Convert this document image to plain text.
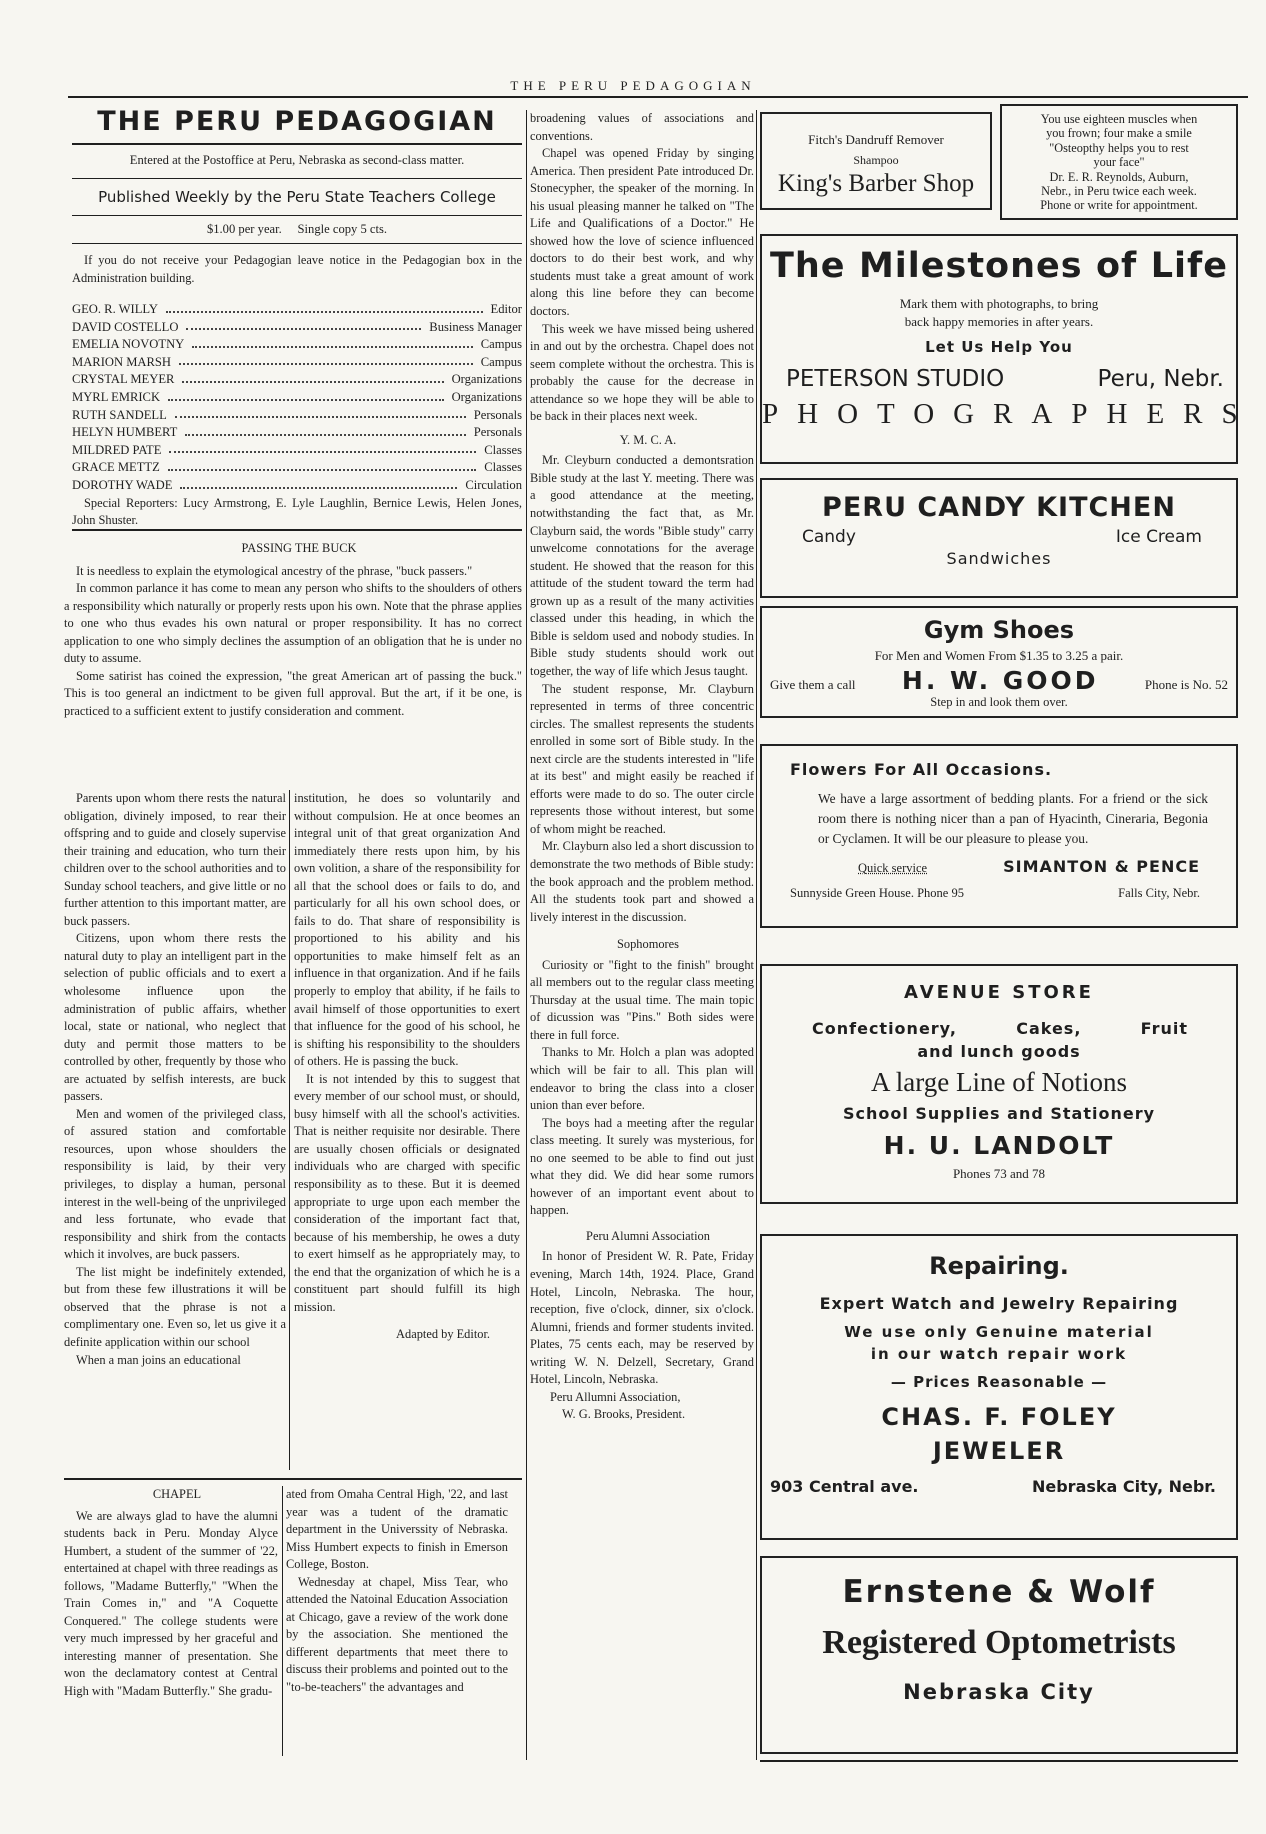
THE PERU PEDAGOGIAN
THE PERU PEDAGOGIAN
Entered at the Postoffice at Peru, Nebraska as second-class matter.
Published Weekly by the Peru State Teachers College
$1.00 per year.     Single copy 5 cts.
If you do not receive your Pedagogian leave notice in the Pedagogian box in the Administration building.
GEO. R. WILLY	Editor
DAVID COSTELLO	Business Manager
EMELIA NOVOTNY	Campus
MARION MARSH	Campus
CRYSTAL MEYER	Organizations
MYRL EMRICK	Organizations
RUTH SANDELL	Personals
HELYN HUMBERT	Personals
MILDRED PATE	Classes
GRACE METTZ	Classes
DOROTHY WADE	Circulation
Special Reporters: Lucy Armstrong, E. Lyle Laughlin, Bernice Lewis, Helen Jones, John Shuster.

PASSING THE BUCK

It is needless to explain the etymological ancestry of the phrase, "buck passers."

In common parlance it has come to mean any person who shifts to the shoulders of others a responsibility which naturally or properly rests upon his own. Note that the phrase applies to one who thus evades his own natural or proper responsibility. It has no correct application to one who simply declines the assumption of an obligation that he is under no duty to assume.

Some satirist has coined the expression, "the great American art of passing the buck." This is too general an indictment to be given full approval. But the art, if it be one, is practiced to a sufficient extent to justify consideration and comment.

Parents upon whom there rests the natural obligation, divinely imposed, to rear their offspring and to guide and closely supervise their training and education, who turn their children over to the school authorities and to Sunday school teachers, and give little or no further attention to this important matter, are buck passers.

Citizens, upon whom there rests the natural duty to play an intelligent part in the selection of public officials and to exert a wholesome influence upon the administration of public affairs, whether local, state or national, who neglect that duty and permit those matters to be controlled by other, frequently by those who are actuated by selfish interests, are buck passers.

Men and women of the privileged class, of assured station and comfortable resources, upon whose shoulders the responsibility is laid, by their very privileges, to display a human, personal interest in the well-being of the unprivileged and less fortunate, who evade that responsibility and shirk from the contacts which it involves, are buck passers.

The list might be indefinitely extended, but from these few illustrations it will be observed that the phrase is not a complimentary one. Even so, let us give it a definite application within our school

When a man joins an educational

institution, he does so voluntarily and without compulsion. He at once beomes an integral unit of that great organization And immediately there rests upon him, by his own volition, a share of the responsibility for all that the school does or fails to do, and particularly for all his own school does, or fails to do. That share of responsibility is proportioned to his ability and his opportunities to make himself felt as an influence in that organization. And if he fails properly to employ that ability, if he fails to avail himself of those opportunities to exert that influence for the good of his school, he is shifting his responsibility to the shoulders of others. He is passing the buck.

It is not intended by this to suggest that every member of our school must, or should, busy himself with all the school's activities. That is neither requisite nor desirable. There are usually chosen officials or designated individuals who are charged with specific responsibility as to these. But it is deemed appropriate to urge upon each member the consideration of the important fact that, because of his membership, he owes a duty to exert himself as he appropriately may, to the end that the organization of which he is a constituent part should fulfill its high mission.

Adapted by Editor.

CHAPEL

We are always glad to have the alumni students back in Peru. Monday Alyce Humbert, a student of the summer of '22, entertained at chapel with three readings as follows, "Madame Butterfly," "When the Train Comes in," and "A Coquette Conquered." The college students were very much impressed by her graceful and interesting manner of presentation. She won the declamatory contest at Central High with "Madam Butterfly." She gradu-

ated from Omaha Central High, '22, and last year was a tudent of the dramatic department in the Universsity of Nebraska. Miss Humbert expects to finish in Emerson College, Boston.

Wednesday at chapel, Miss Tear, who attended the Natoinal Education Association at Chicago, gave a review of the work done by the association. She mentioned the different departments that meet there to discuss their problems and pointed out to the "to-be-teachers" the advantages and

broadening values of associations and conventions.

Chapel was opened Friday by singing America. Then president Pate introduced Dr. Stonecypher, the speaker of the morning. In his usual pleasing manner he talked on "The Life and Qualifications of a Doctor." He showed how the love of science influenced doctors to do their best work, and why students must take a great amount of work along this line before they can become doctors.

This week we have missed being ushered in and out by the orchestra. Chapel does not seem complete without the orchestra. This is probably the cause for the decrease in attendance so we hope they will be able to be back in their places next week.

Y. M. C. A.

Mr. Cleyburn conducted a demontsration Bible study at the last Y. meeting. There was a good attendance at the meeting, notwithstanding the fact that, as Mr. Clayburn said, the words "Bible study" carry unwelcome connotations for the average student. He showed that the reason for this attitude of the student toward the term had grown up as a result of the many activities classed under this heading, in which the Bible is seldom used and nobody studies. In Bible study students should work out together, the way of life which Jesus taught.

The student response, Mr. Clayburn represented in terms of three concentric circles. The smallest represents the students enrolled in some sort of Bible study. In the next circle are the students interested in "life at its best" and might easily be reached if efforts were made to do so. The outer circle represents those without interest, but some of whom might be reached.

Mr. Clayburn also led a short discussion to demonstrate the two methods of Bible study: the book approach and the problem method. All the students took part and showed a lively interest in the discussion.

Sophomores

Curiosity or "fight to the finish" brought all members out to the regular class meeting Thursday at the usual time. The main topic of dicussion was "Pins." Both sides were there in full force.

Thanks to Mr. Holch a plan was adopted which will be fair to all. This plan will endeavor to bring the class into a closer union than ever before.

The boys had a meeting after the regular class meeting. It surely was mysterious, for no one seemed to be able to find out just what they did. We did hear some rumors however of an important event about to happen.

Peru Alumni Association

In honor of President W. R. Pate, Friday evening, March 14th, 1924. Place, Grand Hotel, Lincoln, Nebraska. The hour, reception, five o'clock, dinner, six o'clock. Alumni, friends and former students invited. Plates, 75 cents each, may be reserved by writing W. N. Delzell, Secretary, Grand Hotel, Lincoln, Nebraska.

Peru Allumni Association,

W. G. Brooks, President.

Fitch's Dandruff Remover
Shampoo
King's Barber Shop
You use eighteen muscles when
you frown; four make a smile
"Osteopthy helps you to rest
your face"
Dr. E. R. Reynolds, Auburn,
Nebr., in Peru twice each week.
Phone or write for appointment.
The Milestones of Life
Mark them with photographs, to bring
back happy memories in after years.
Let Us Help You
PETERSON STUDIO	Peru, Nebr.
PHOTOGRAPHERS
PERU CANDY KITCHEN
Candy	Ice Cream
Sandwiches
Gym Shoes
For Men and Women From $1.35 to 3.25 a pair.
Give them a call H. W. GOOD	Phone is No. 52
Step in and look them over.
Flowers For All Occasions.
We have a large assortment of bedding plants. For a friend or the sick room there is nothing nicer than a pan of Hyacinth, Cineraria, Begonia or Cyclamen. It will be our pleasure to please you.
Quick service	SIMANTON & PENCE
Sunnyside Green House. Phone 95	Falls City, Nebr.
AVENUE STORE
Confectionery,	Cakes,	Fruit
and lunch goods
A large Line of Notions
School Supplies and Stationery
H. U. LANDOLT
Phones 73 and 78
Repairing.
Expert Watch and Jewelry Repairing
We use only Genuine material
in our watch repair work
— Prices Reasonable —
CHAS. F. FOLEY
JEWELER
903 Central ave.	Nebraska City, Nebr.
Ernstene & Wolf
Registered Optometrists
Nebraska City
